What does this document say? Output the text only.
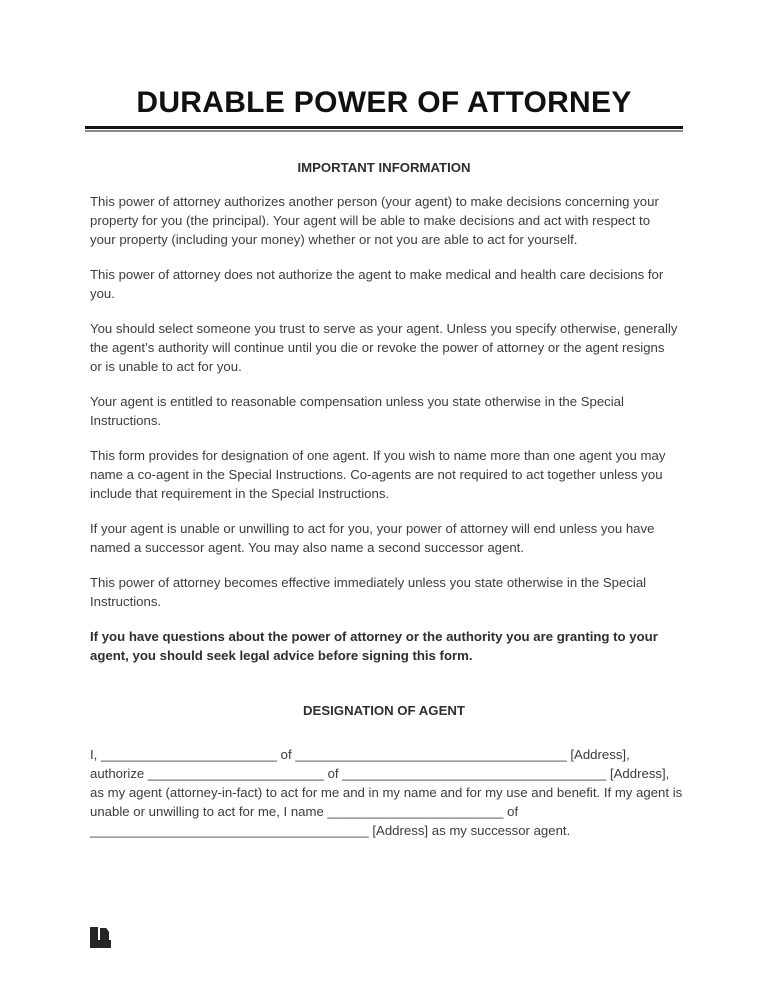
DURABLE POWER OF ATTORNEY
IMPORTANT INFORMATION

This power of attorney authorizes another person (your agent) to make decisions concerning your property for you (the principal). Your agent will be able to make decisions and act with respect to your property (including your money) whether or not you are able to act for yourself.

This power of attorney does not authorize the agent to make medical and health care decisions for you.

You should select someone you trust to serve as your agent. Unless you specify otherwise, generally the agent’s authority will continue until you die or revoke the power of attorney or the agent resigns or is unable to act for you.

Your agent is entitled to reasonable compensation unless you state otherwise in the Special Instructions.

This form provides for designation of one agent. If you wish to name more than one agent you may name a co-agent in the Special Instructions. Co-agents are not required to act together unless you include that requirement in the Special Instructions.

If your agent is unable or unwilling to act for you, your power of attorney will end unless you have named a successor agent. You may also name a second successor agent.

This power of attorney becomes effective immediately unless you state otherwise in the Special Instructions.

If you have questions about the power of attorney or the authority you are granting to your agent, you should seek legal advice before signing this form.

DESIGNATION OF AGENT
I, ________________________ of _____________________________________ [Address],
authorize ________________________ of ____________________________________ [Address],
as my agent (attorney-in-fact) to act for me and in my name and for my use and benefit. If my agent is
unable or unwilling to act for me, I name ________________________ of
______________________________________ [Address] as my successor agent.
